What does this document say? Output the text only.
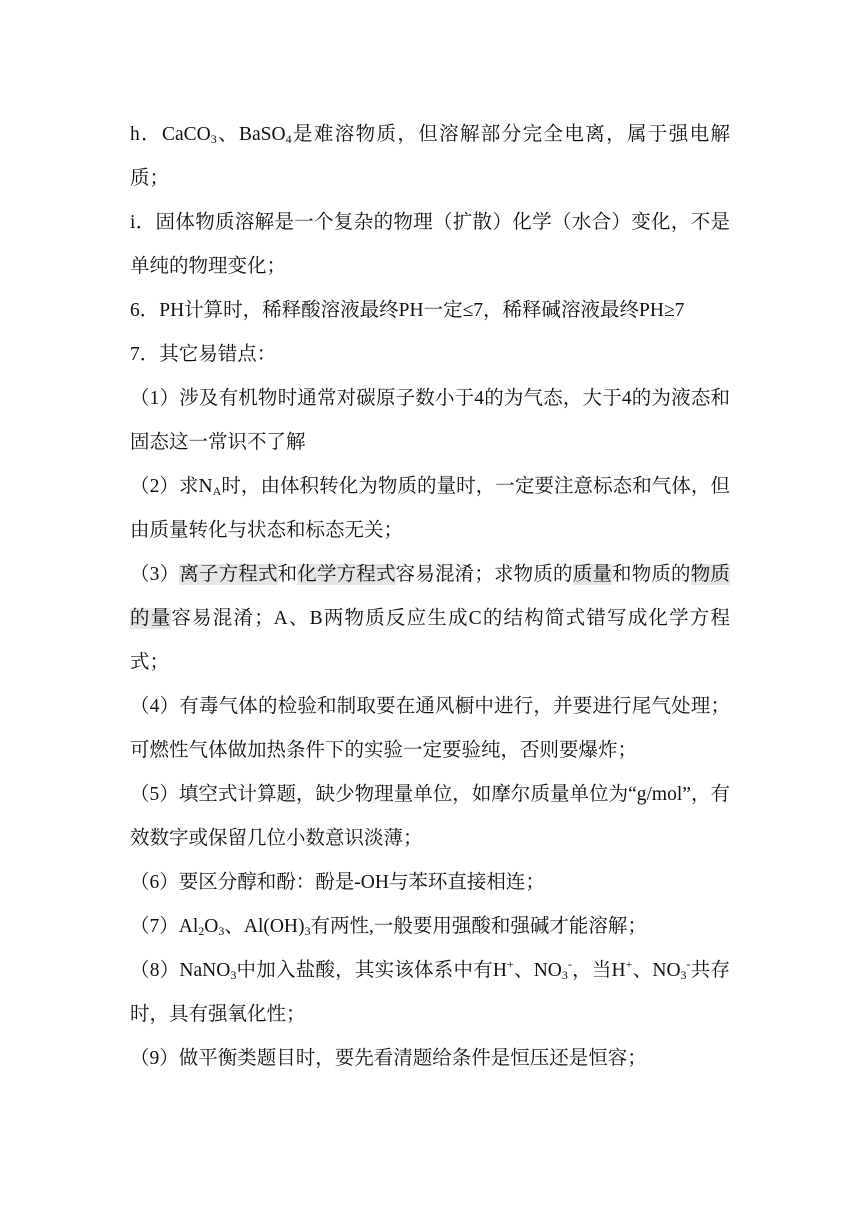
h．CaCO$_3$、BaSO$_4$是难溶物质，但溶解部分完全电离，属于强电解质；

i．固体物质溶解是一个复杂的物理（扩散）化学（水合）变化，不是单纯的物理变化；

6．PH计算时，稀释酸溶液最终PH一定≤7，稀释碱溶液最终PH≥7

7．其它易错点：

（1）涉及有机物时通常对碳原子数小于4的为气态，大于4的为液态和固态这一常识不了解

（2）求$N_A$时，由体积转化为物质的量时，一定要注意标态和气体，但由质量转化与状态和标态无关；

（3）离子方程式和化学方程式容易混淆；求物质的质量和物质的物质的量容易混淆；A、B两物质反应生成C的结构简式错写成化学方程式；

（4）有毒气体的检验和制取要在通风橱中进行，并要进行尾气处理；可燃性气体做加热条件下的实验一定要验纯，否则要爆炸；

（5）填空式计算题，缺少物理量单位，如摩尔质量单位为“g/mol”，有效数字或保留几位小数意识淡薄；

（6）要区分醇和酚：酚是-OH与苯环直接相连；

$(7)Al_2O_3$、$Al(OH)_3$有两性,一般要用强酸和强碱才能溶解；

（8）NaNO$_3$中加入盐酸，其实该体系中有H+、$NO_3^-$，当H+、$NO_3^-$共存时，具有强氧化性；

（9）做平衡类题目时，要先看清题给条件是恒压还是恒容；
